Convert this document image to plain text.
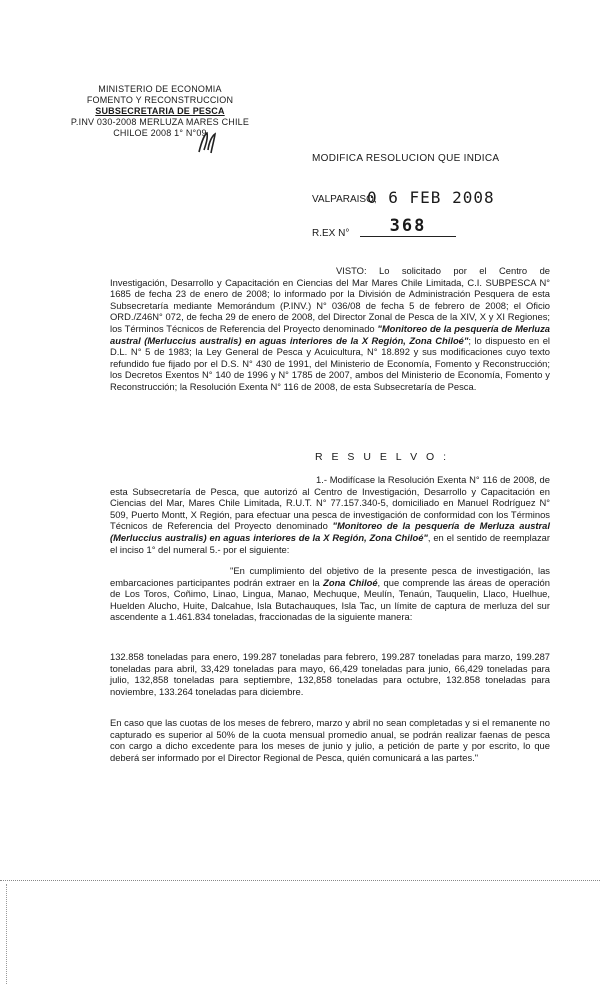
MINISTERIO DE ECONOMIA
FOMENTO Y RECONSTRUCCION
SUBSECRETARIA DE PESCA
P.INV 030-2008 MERLUZA MARES CHILE
CHILOE 2008 1° N°09
MODIFICA RESOLUCION QUE INDICA
VALPARAISO,
0 6 FEB 2008
R.EX N°	368
VISTO: Lo solicitado por el Centro de Investigación, Desarrollo y Capacitación en Ciencias del Mar Mares Chile Limitada, C.I. SUBPESCA N° 1685 de fecha 23 de enero de 2008; lo informado por la División de Administración Pesquera de esta Subsecretaría mediante Memorándum (P.INV.) N° 036/08 de fecha 5 de febrero de 2008; el Oficio ORD./Z46N° 072, de fecha 29 de enero de 2008, del Director Zonal de Pesca de la XIV, X y XI Regiones; los Términos Técnicos de Referencia del Proyecto denominado "Monitoreo de la pesquería de Merluza austral (Merluccius australis) en aguas interiores de la X Región, Zona Chiloé"; lo dispuesto en el D.L. N° 5 de 1983; la Ley General de Pesca y Acuicultura, N° 18.892 y sus modificaciones cuyo texto refundido fue fijado por el D.S. N° 430 de 1991, del Ministerio de Economía, Fomento y Reconstrucción; los Decretos Exentos N° 140 de 1996 y N° 1785 de 2007, ambos del Ministerio de Economía, Fomento y Reconstrucción; la Resolución Exenta N° 116 de 2008, de esta Subsecretaría de Pesca.
R E S U E L V O :
1.- Modifícase la Resolución Exenta N° 116 de 2008, de esta Subsecretaría de Pesca, que autorizó al Centro de Investigación, Desarrollo y Capacitación en Ciencias del Mar, Mares Chile Limitada, R.U.T. N° 77.157.340-5, domiciliado en Manuel Rodríguez N° 509, Puerto Montt, X Región, para efectuar una pesca de investigación de conformidad con los Términos Técnicos de Referencia del Proyecto denominado "Monitoreo de la pesquería de Merluza austral (Merluccius australis) en aguas interiores de la X Región, Zona Chiloé", en el sentido de reemplazar el inciso 1° del numeral 5.- por el siguiente:
"En cumplimiento del objetivo de la presente pesca de investigación, las embarcaciones participantes podrán extraer en la Zona Chiloé, que comprende las áreas de operación de Los Toros, Coñimo, Linao, Lingua, Manao, Mechuque, Meulín, Tenaún, Tauquelin, Llaco, Huelhue, Huelden Alucho, Huite, Dalcahue, Isla Butachauques, Isla Tac, un límite de captura de merluza del sur ascendente a 1.461.834 toneladas, fraccionadas de la siguiente manera:
132.858 toneladas para enero, 199.287 toneladas para febrero, 199.287 toneladas para marzo, 199.287 toneladas para abril, 33,429 toneladas para mayo, 66,429 toneladas para junio, 66,429 toneladas para julio, 132,858 toneladas para septiembre, 132,858 toneladas para octubre, 132.858 toneladas para noviembre, 133.264 toneladas para diciembre.
En caso que las cuotas de los meses de febrero, marzo y abril no sean completadas y si el remanente no capturado es superior al 50% de la cuota mensual promedio anual, se podrán realizar faenas de pesca con cargo a dicho excedente para los meses de junio y julio, a petición de parte y por escrito, lo que deberá ser informado por el Director Regional de Pesca, quién comunicará a las partes."
